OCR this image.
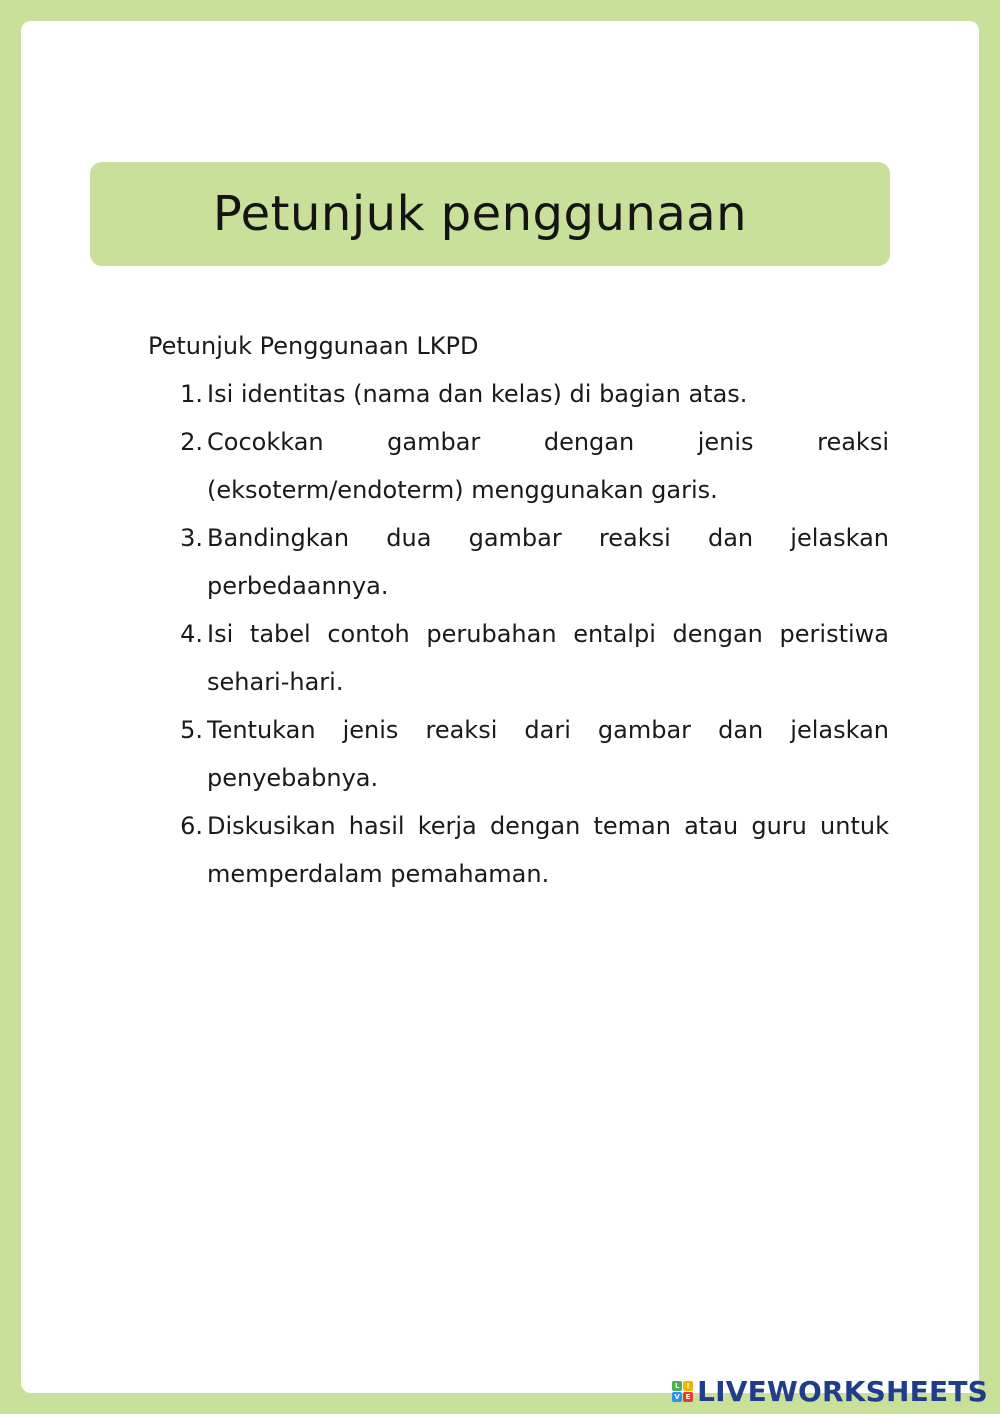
Petunjuk penggunaan

Petunjuk Penggunaan LKPD

1. Isi identitas (nama dan kelas) di bagian atas.
2. Cocokkan gambar dengan jenis reaksi (eksoterm/endoterm) menggunakan garis.
3. Bandingkan dua gambar reaksi dan jelaskan perbedaannya.
4. Isi tabel contoh perubahan entalpi dengan peristiwa sehari-hari.
5. Tentukan jenis reaksi dari gambar dan jelaskan penyebabnya.
6. Diskusikan hasil kerja dengan teman atau guru untuk memperdalam pemahaman.
L	I
V E LIVEWORKSHEETS
